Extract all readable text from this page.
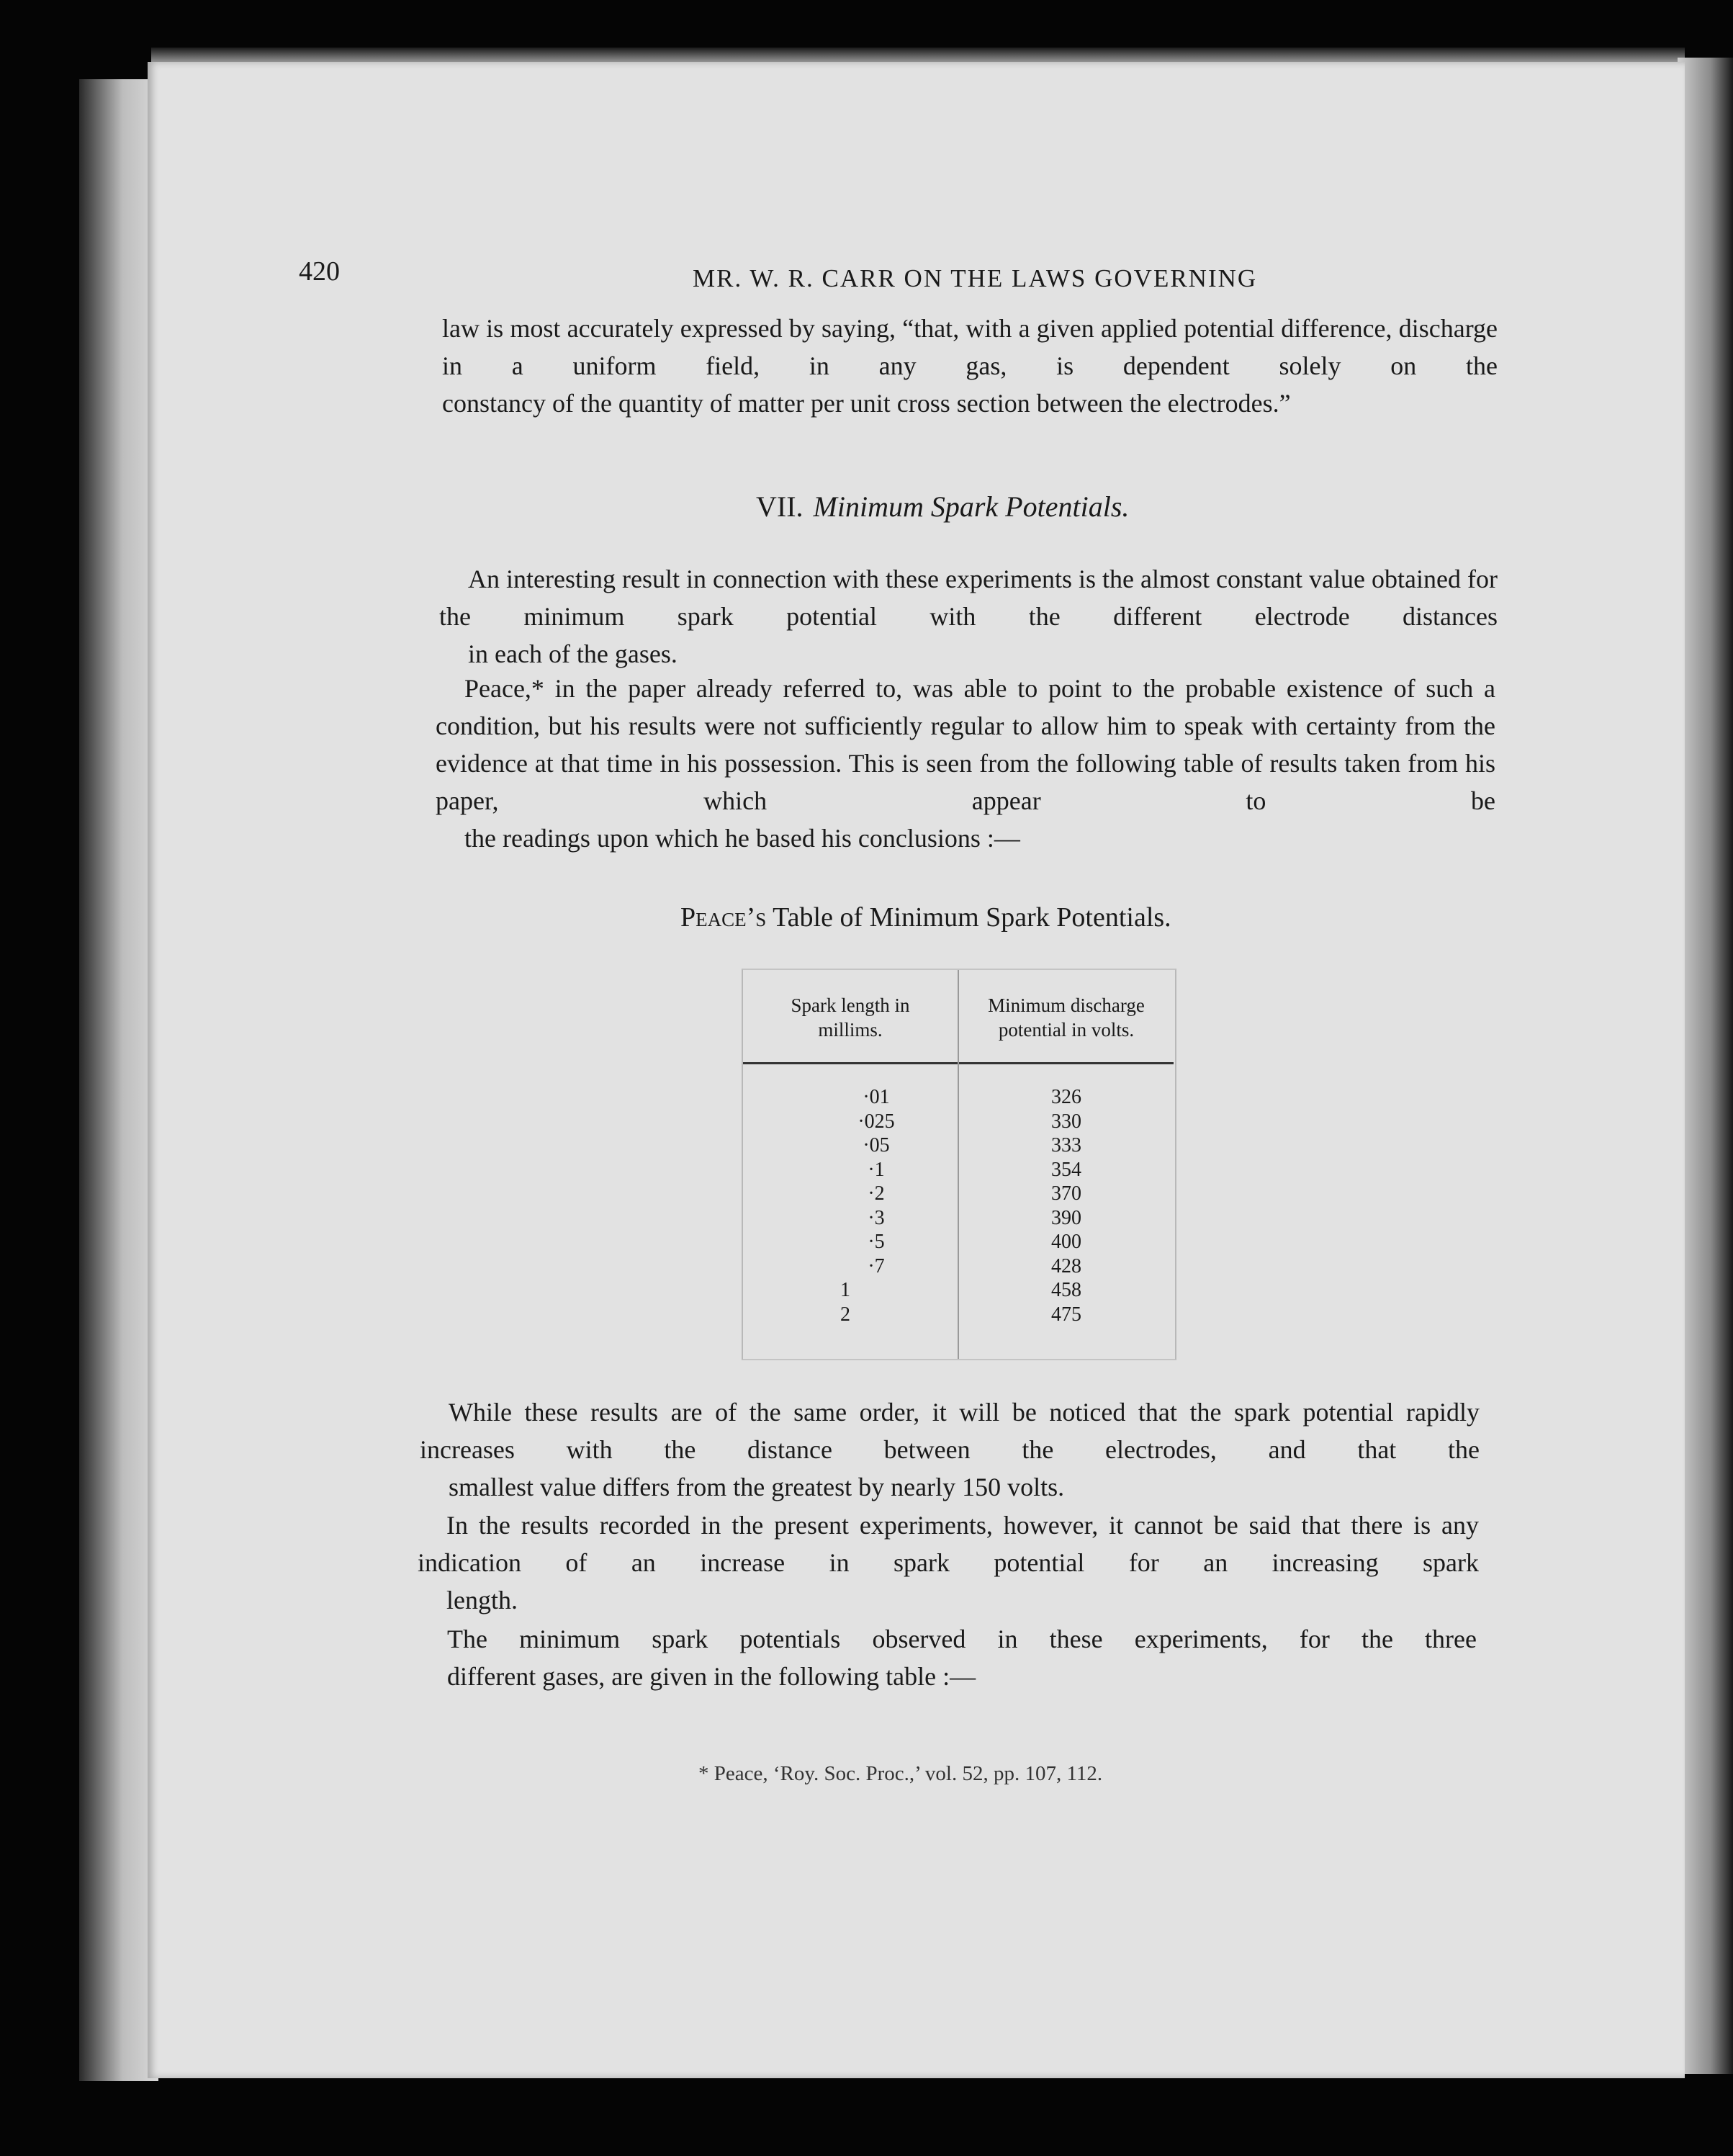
420	MR. W. R. CARR ON THE LAWS GOVERNING

law is most accurately expressed by saying, “that, with a given applied potential difference, discharge in a uniform field, in any gas, is dependent solely on the
constancy of the quantity of matter per unit cross section between the electrodes.”

VII. Minimum Spark Potentials.

An interesting result in connection with these experiments is the almost constant value obtained for the minimum spark potential with the different electrode distances
in each of the gases.

Peace,* in the paper already referred to, was able to point to the probable existence of such a condition, but his results were not sufficiently regular to allow him to speak with certainty from the evidence at that time in his possession. This is seen from the following table of results taken from his paper, which appear to be
the readings upon which he based his conclusions :—

Peace’s Table of Minimum Spark Potentials.
Spark length in
millims.
Minimum discharge
potential in volts.
·01
·025
·05
·1
·2
·3
·5
·7
1
2
326
330
333
354
370
390
400
428
458
475

While these results are of the same order, it will be noticed that the spark potential rapidly increases with the distance between the electrodes, and that the
smallest value differs from the greatest by nearly 150 volts.

In the results recorded in the present experiments, however, it cannot be said that there is any indication of an increase in spark potential for an increasing spark
length.

The minimum spark potentials observed in these experiments, for the three
different gases, are given in the following table :—

* Peace, ‘Roy. Soc. Proc.,’ vol. 52, pp. 107, 112.
